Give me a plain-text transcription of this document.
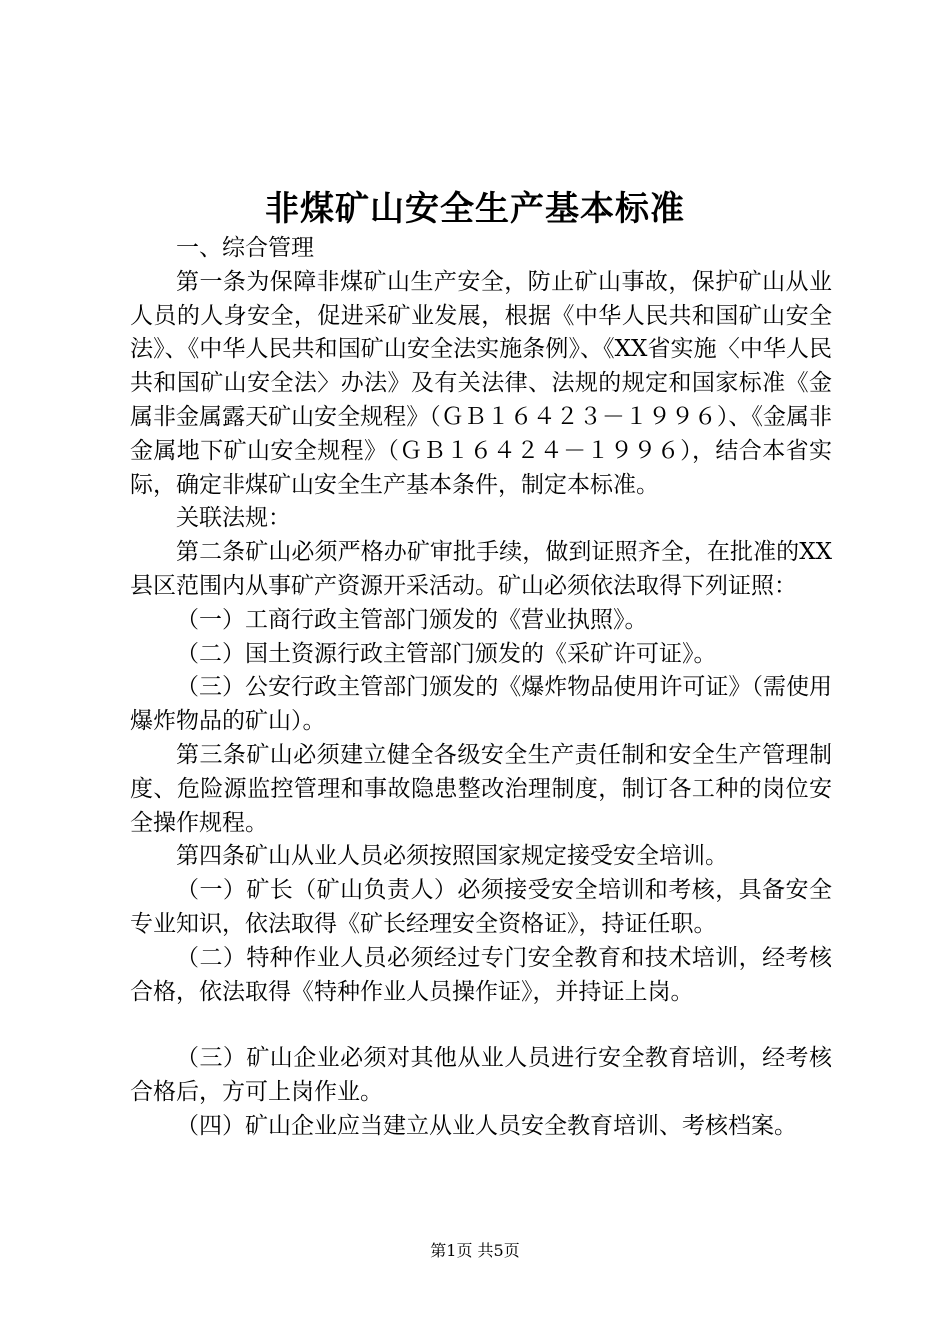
非煤矿山安全生产基本标准

一、综合管理

第一条为保障非煤矿山生产安全，防止矿山事故，保护矿山从业人员的人身安全，促进采矿业发展，根据《中华人民共和国矿山安全法》、《中华人民共和国矿山安全法实施条例》、《XX省实施〈中华人民共和国矿山安全法〉办法》及有关法律、法规的规定和国家标准《金属非金属露天矿山安全规程》（ＧＢ１６４２３－１９９６）、《金属非金属地下矿山安全规程》（ＧＢ１６４２４－１９９６），结合本省实际，确定非煤矿山安全生产基本条件，制定本标准。

关联法规：

第二条矿山必须严格办矿审批手续，做到证照齐全，在批准的XX县区范围内从事矿产资源开采活动。矿山必须依法取得下列证照：

（一）工商行政主管部门颁发的《营业执照》。

（二）国土资源行政主管部门颁发的《采矿许可证》。

（三）公安行政主管部门颁发的《爆炸物品使用许可证》（需使用爆炸物品的矿山）。

第三条矿山必须建立健全各级安全生产责任制和安全生产管理制度、危险源监控管理和事故隐患整改治理制度，制订各工种的岗位安全操作规程。

第四条矿山从业人员必须按照国家规定接受安全培训。

（一）矿长（矿山负责人）必须接受安全培训和考核，具备安全专业知识，依法取得《矿长经理安全资格证》，持证任职。

（二）特种作业人员必须经过专门安全教育和技术培训，经考核合格，依法取得《特种作业人员操作证》，并持证上岗。

（三）矿山企业必须对其他从业人员进行安全教育培训，经考核合格后，方可上岗作业。

（四）矿山企业应当建立从业人员安全教育培训、考核档案。

第1页 共5页
